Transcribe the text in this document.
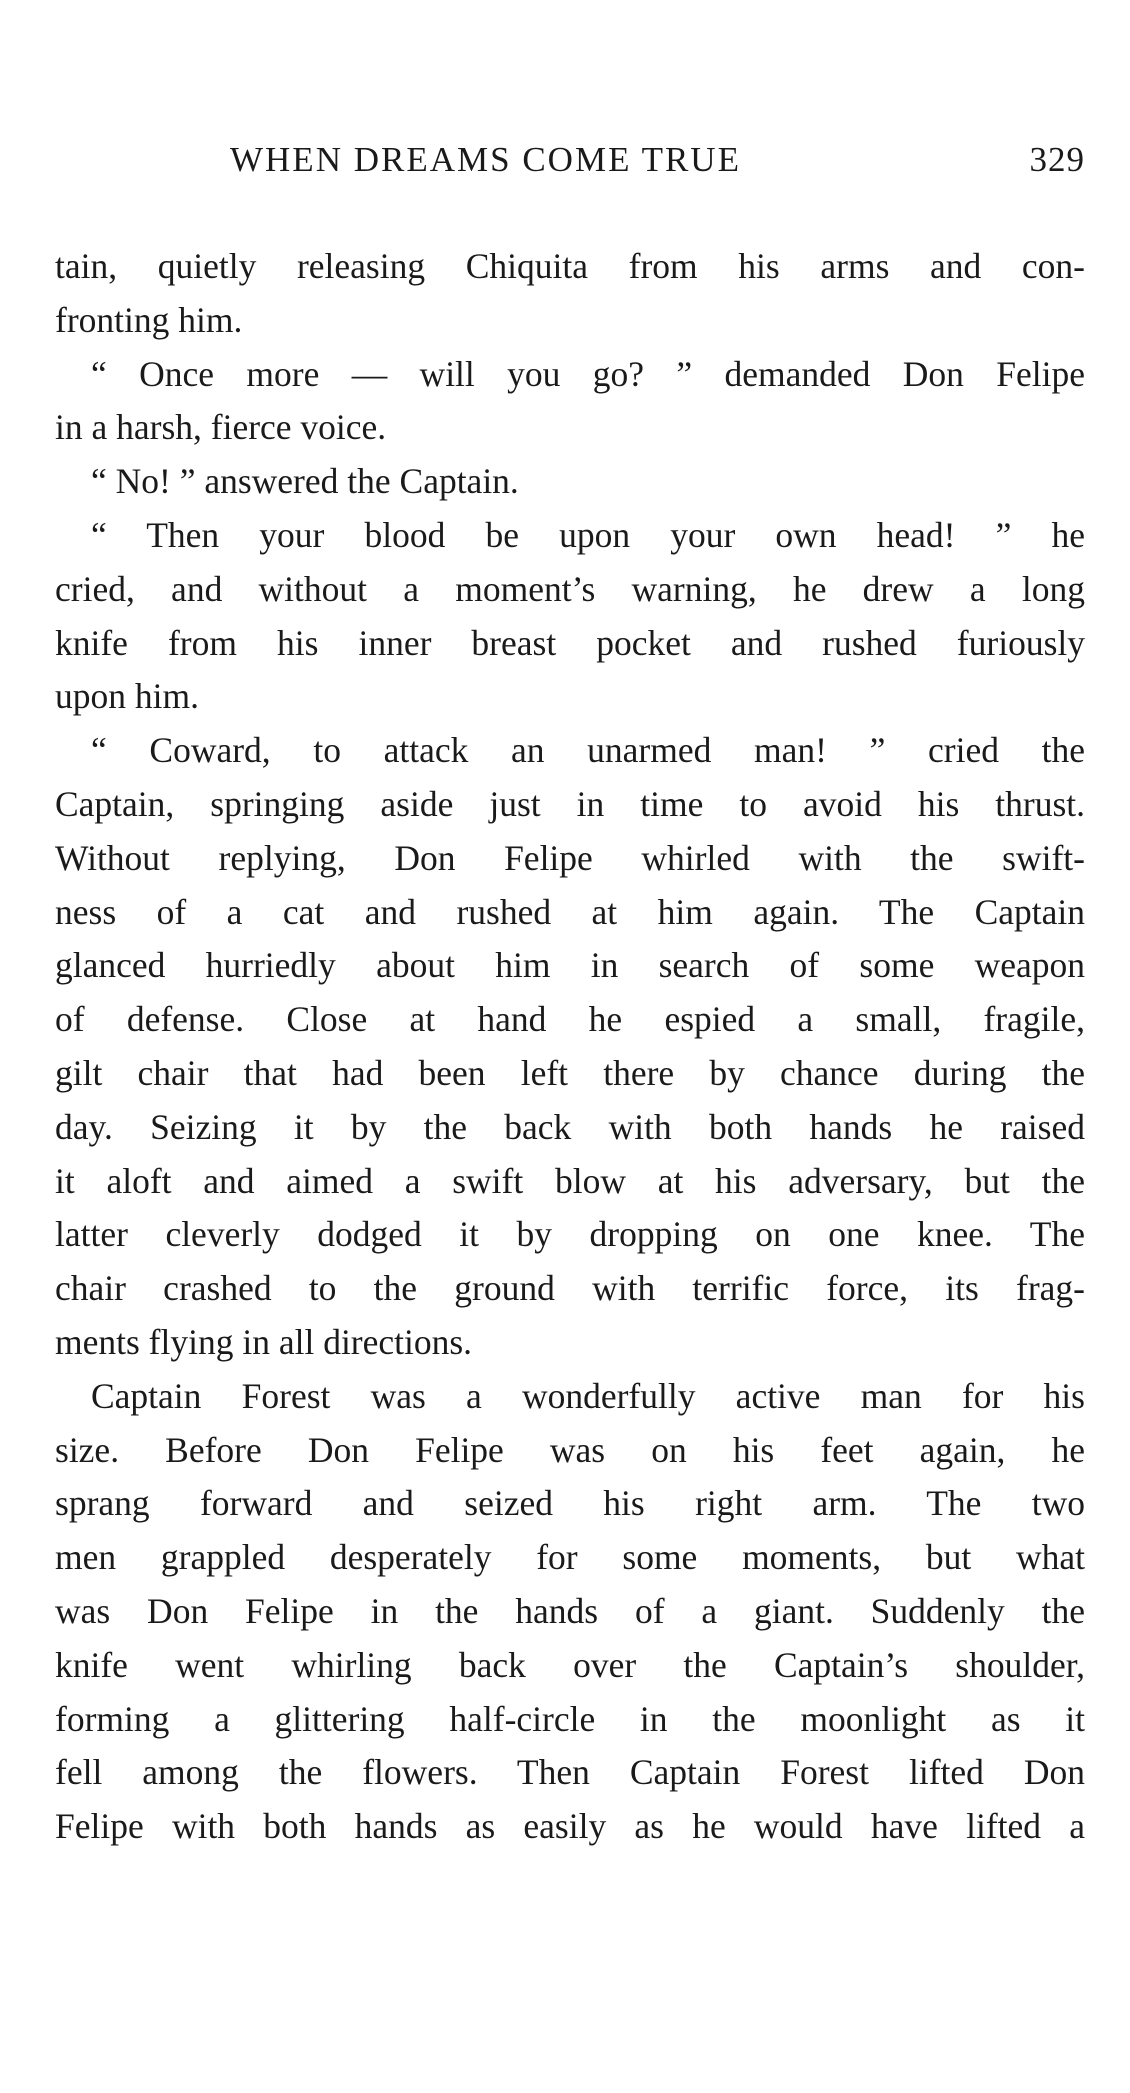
WHEN DREAMS COME TRUE	329
tain, quietly releasing Chiquita from his arms and con-
fronting him.
“ Once more — will you go? ” demanded Don Felipe
in a harsh, fierce voice.
“ No! ” answered the Captain.
“ Then your blood be upon your own head! ” he
cried, and without a moment’s warning, he drew a long
knife from his inner breast pocket and rushed furiously
upon him.
“ Coward, to attack an unarmed man! ” cried the
Captain, springing aside just in time to avoid his thrust.
Without replying, Don Felipe whirled with the swift-
ness of a cat and rushed at him again. The Captain
glanced hurriedly about him in search of some weapon
of defense. Close at hand he espied a small, fragile,
gilt chair that had been left there by chance during the
day. Seizing it by the back with both hands he raised
it aloft and aimed a swift blow at his adversary, but the
latter cleverly dodged it by dropping on one knee. The
chair crashed to the ground with terrific force, its frag-
ments flying in all directions.
Captain Forest was a wonderfully active man for his
size. Before Don Felipe was on his feet again, he
sprang forward and seized his right arm. The two
men grappled desperately for some moments, but what
was Don Felipe in the hands of a giant. Suddenly the
knife went whirling back over the Captain’s shoulder,
forming a glittering half-circle in the moonlight as it
fell among the flowers. Then Captain Forest lifted Don
Felipe with both hands as easily as he would have lifted a
